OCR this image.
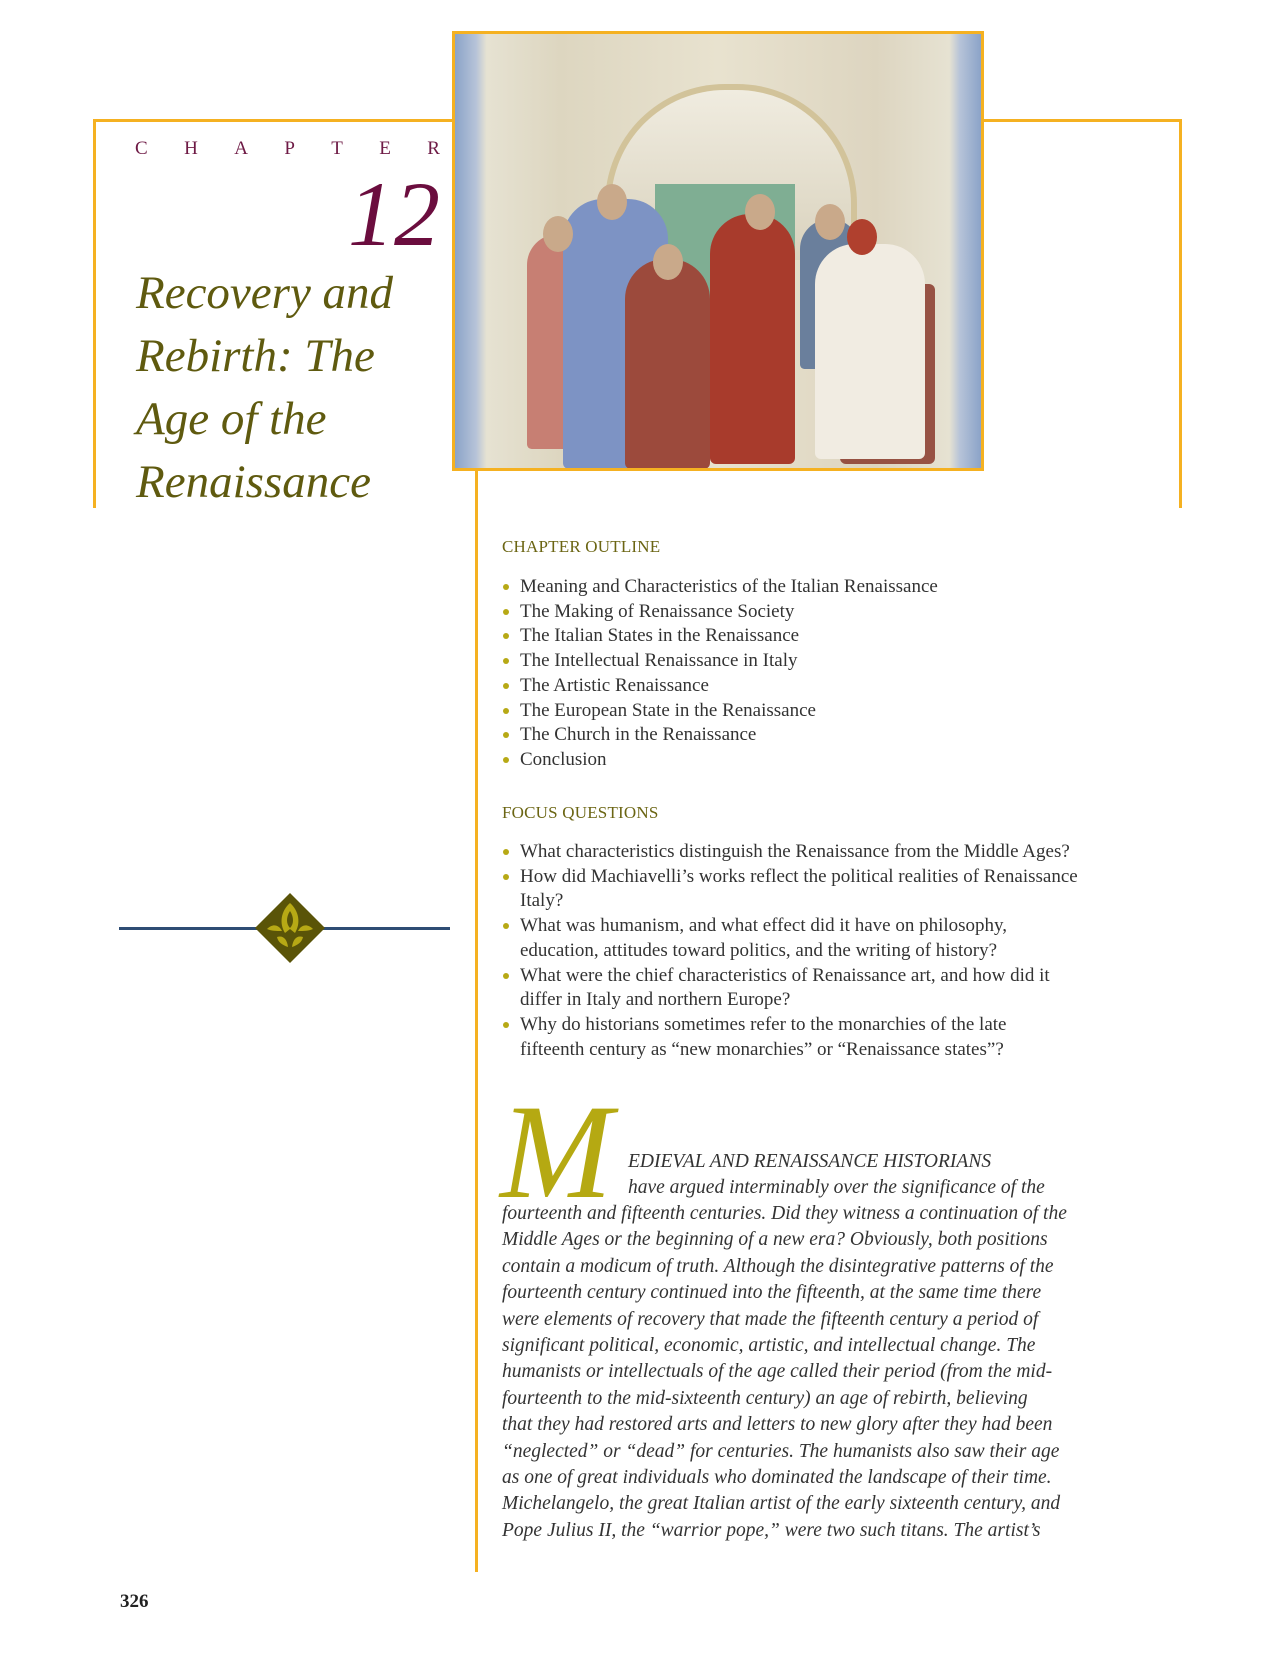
C H A P T E R
12
Recovery and
Rebirth: The
Age of the
Renaissance
CHAPTER OUTLINE
Meaning and Characteristics of the Italian Renaissance
The Making of Renaissance Society
The Italian States in the Renaissance
The Intellectual Renaissance in Italy
The Artistic Renaissance
The European State in the Renaissance
The Church in the Renaissance
Conclusion
FOCUS QUESTIONS
What characteristics distinguish the Renaissance from the Middle Ages?
How did Machiavelli’s works reflect the political realities of Renaissance
Italy?
What was humanism, and what effect did it have on philosophy,
education, attitudes toward politics, and the writing of history?
What were the chief characteristics of Renaissance art, and how did it
differ in Italy and northern Europe?
Why do historians sometimes refer to the monarchies of the late
fifteenth century as “new monarchies” or “Renaissance states”?
M EDIEVAL AND RENAISSANCE HISTORIANS
have argued interminably over the significance of the
fourteenth and fifteenth centuries. Did they witness a continuation of the
Middle Ages or the beginning of a new era? Obviously, both positions
contain a modicum of truth. Although the disintegrative patterns of the
fourteenth century continued into the fifteenth, at the same time there
were elements of recovery that made the fifteenth century a period of
significant political, economic, artistic, and intellectual change. The
humanists or intellectuals of the age called their period (from the mid-
fourteenth to the mid-sixteenth century) an age of rebirth, believing
that they had restored arts and letters to new glory after they had been
“neglected” or “dead” for centuries. The humanists also saw their age
as one of great individuals who dominated the landscape of their time.
Michelangelo, the great Italian artist of the early sixteenth century, and
Pope Julius II, the “warrior pope,” were two such titans. The artist’s
326
